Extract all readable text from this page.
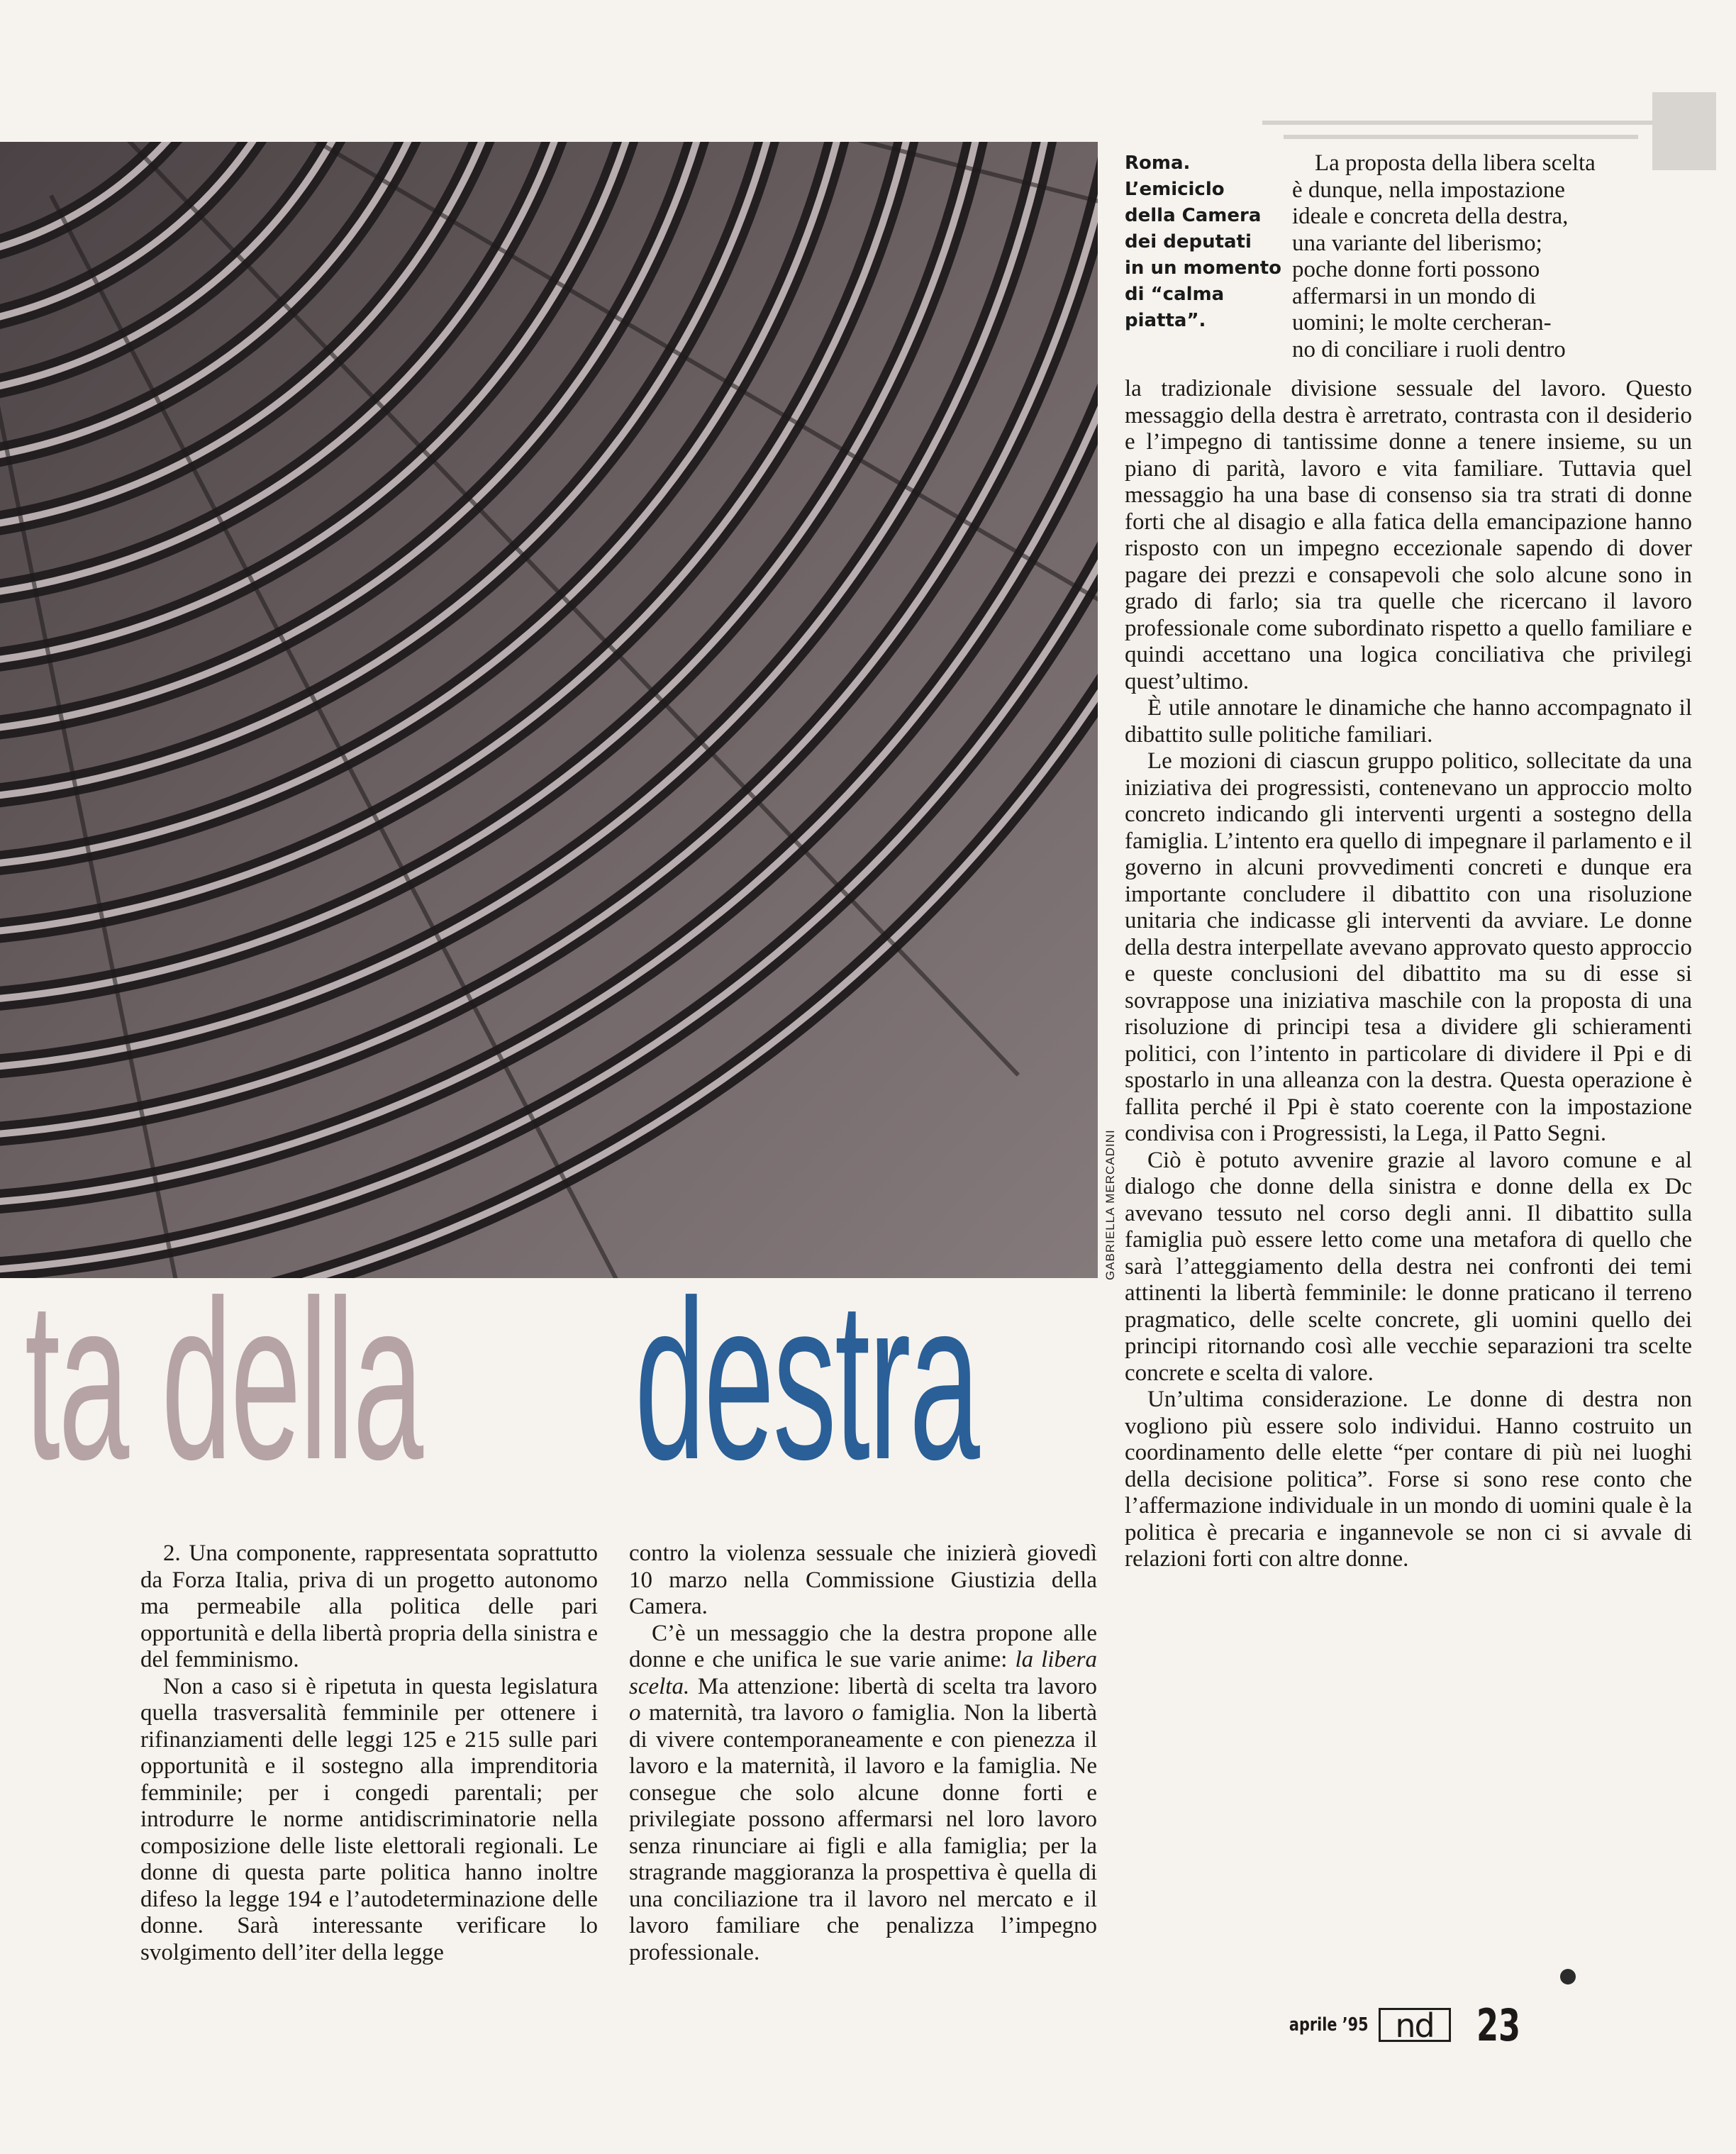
GABRIELLA MERCADINI
Roma.
L’emiciclo
della Camera
dei deputati
in un momento
di “calma
piatta”.
ta della destra

2. Una componente, rappresentata soprattutto da Forza Italia, priva di un progetto autonomo ma permeabile alla politica delle pari opportunità e della libertà propria della sinistra e del femminismo.

Non a caso si è ripetuta in questa legislatura quella trasversalità femminile per ottenere i rifinanziamenti delle leggi 125 e 215 sulle pari opportunità e il sostegno alla imprenditoria femminile; per i congedi parentali; per introdurre le norme antidiscriminatorie nella composizione delle liste elettorali regionali. Le donne di questa parte politica hanno inoltre difeso la legge 194 e l’autodeterminazione delle donne. Sarà interessante verificare lo svolgimento dell’iter della legge

contro la violenza sessuale che inizierà giovedì 10 marzo nella Commissione Giustizia della Camera.

C’è un messaggio che la destra propone alle donne e che unifica le sue varie anime: la libera scelta. Ma attenzione: libertà di scelta tra lavoro o maternità, tra lavoro o famiglia. Non la libertà di vivere contemporaneamente e con pienezza il lavoro e la maternità, il lavoro e la famiglia. Ne consegue che solo alcune donne forti e privilegiate possono affermarsi nel loro lavoro senza rinunciare ai figli e alla famiglia; per la stragrande maggioranza la prospettiva è quella di una conciliazione tra il lavoro nel mercato e il lavoro familiare che penalizza l’impegno professionale.

La proposta della libera scelta

è dunque, nella impostazione

ideale e concreta della destra,

una variante del liberismo;

poche donne forti possono

affermarsi in un mondo di

uomini; le molte cercheran-

no di conciliare i ruoli dentro

la tradizionale divisione sessuale del lavoro. Questo messaggio della destra è arretrato, contrasta con il desiderio e l’impegno di tantissime donne a tenere insieme, su un piano di parità, lavoro e vita familiare. Tuttavia quel messaggio ha una base di consenso sia tra strati di donne forti che al disagio e alla fatica della emancipazione hanno risposto con un impegno eccezionale sapendo di dover pagare dei prezzi e consapevoli che solo alcune sono in grado di farlo; sia tra quelle che ricercano il lavoro professionale come subordinato rispetto a quello familiare e quindi accettano una logica conciliativa che privilegi quest’ultimo.

È utile annotare le dinamiche che hanno accompagnato il dibattito sulle politiche familiari.

Le mozioni di ciascun gruppo politico, sollecitate da una iniziativa dei progressisti, contenevano un approccio molto concreto indicando gli interventi urgenti a sostegno della famiglia. L’intento era quello di impegnare il parlamento e il governo in alcuni provvedimenti concreti e dunque era importante concludere il dibattito con una risoluzione unitaria che indicasse gli interventi da avviare. Le donne della destra interpellate avevano approvato questo approccio e queste conclusioni del dibattito ma su di esse si sovrappose una iniziativa maschile con la proposta di una risoluzione di principi tesa a dividere gli schieramenti politici, con l’intento in particolare di dividere il Ppi e di spostarlo in una alleanza con la destra. Questa operazione è fallita perché il Ppi è stato coerente con la impostazione condivisa con i Progressisti, la Lega, il Patto Segni.

Ciò è potuto avvenire grazie al lavoro comune e al dialogo che donne della sinistra e donne della ex Dc avevano tessuto nel corso degli anni. Il dibattito sulla famiglia può essere letto come una metafora di quello che sarà l’atteggiamento della destra nei confronti dei temi attinenti la libertà femminile: le donne praticano il terreno pragmatico, delle scelte concrete, gli uomini quello dei principi ritornando così alle vecchie separazioni tra scelte concrete e scelta di valore.

Un’ultima considerazione. Le donne di destra non vogliono più essere solo individui. Hanno costruito un coordinamento delle elette “per contare di più nei luoghi della decisione politica”. Forse si sono rese conto che l’affermazione individuale in un mondo di uomini quale è la politica è precaria e ingannevole se non ci si avvale di relazioni forti con altre donne.

aprile ’95 nd 23
